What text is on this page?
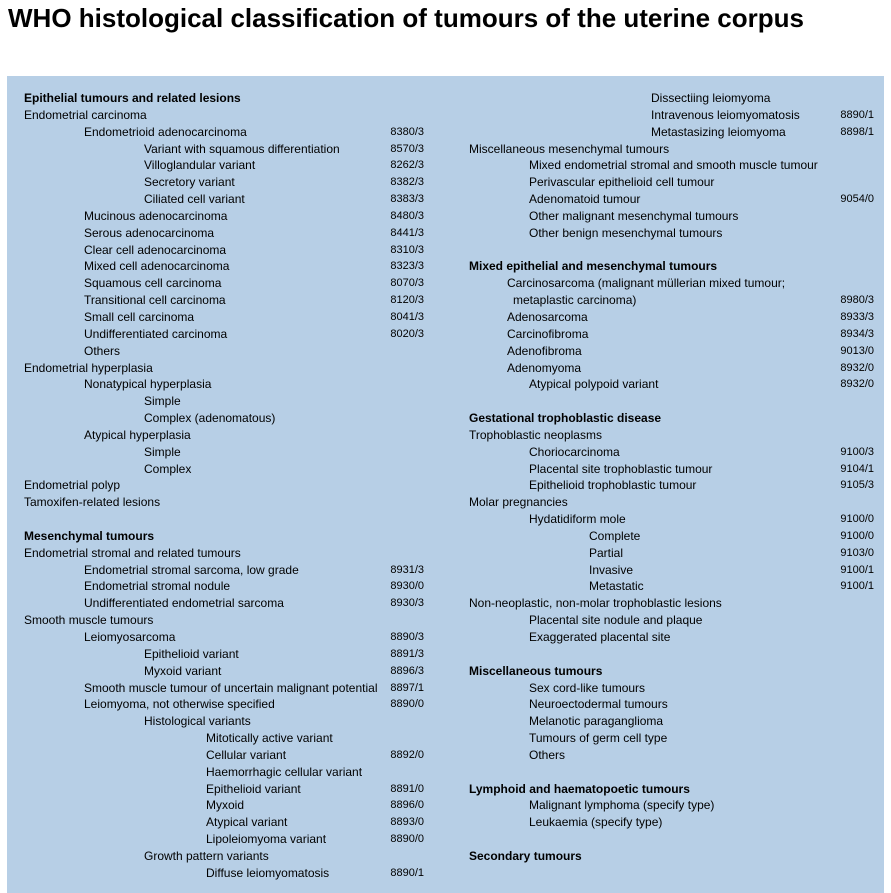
WHO histological classification of tumours of the uterine corpus
Epithelial tumours and related lesions
Endometrial carcinoma
Endometrioid adenocarcinoma	8380/3
Variant with squamous differentiation	8570/3
Villoglandular variant	8262/3
Secretory variant	8382/3
Ciliated cell variant	8383/3
Mucinous adenocarcinoma	8480/3
Serous adenocarcinoma	8441/3
Clear cell adenocarcinoma	8310/3
Mixed cell adenocarcinoma	8323/3
Squamous cell carcinoma	8070/3
Transitional cell carcinoma	8120/3
Small cell carcinoma	8041/3
Undifferentiated carcinoma	8020/3
Others
Endometrial hyperplasia
Nonatypical hyperplasia
Simple
Complex (adenomatous)
Atypical hyperplasia
Simple
Complex
Endometrial polyp
Tamoxifen-related lesions
Mesenchymal tumours
Endometrial stromal and related tumours
Endometrial stromal sarcoma, low grade	8931/3
Endometrial stromal nodule	8930/0
Undifferentiated endometrial sarcoma	8930/3
Smooth muscle tumours
Leiomyosarcoma	8890/3
Epithelioid variant	8891/3
Myxoid variant	8896/3
Smooth muscle tumour of uncertain malignant potential 8897/1
Leiomyoma, not otherwise specified	8890/0
Histological variants
Mitotically active variant
Cellular variant	8892/0
Haemorrhagic cellular variant
Epithelioid variant	8891/0
Myxoid	8896/0
Atypical variant	8893/0
Lipoleiomyoma variant	8890/0
Growth pattern variants
Diffuse leiomyomatosis	8890/1
Dissectiing leiomyoma
Intravenous leiomyomatosis	8890/1
Metastasizing leiomyoma	8898/1
Miscellaneous mesenchymal tumours
Mixed endometrial stromal and smooth muscle tumour
Perivascular epithelioid cell tumour
Adenomatoid tumour	9054/0
Other malignant mesenchymal tumours
Other benign mesenchymal tumours
Mixed epithelial and mesenchymal tumours
Carcinosarcoma (malignant müllerian mixed tumour;
metaplastic carcinoma)	8980/3
Adenosarcoma	8933/3
Carcinofibroma	8934/3
Adenofibroma	9013/0
Adenomyoma	8932/0
Atypical polypoid variant	8932/0
Gestational trophoblastic disease
Trophoblastic neoplasms
Choriocarcinoma	9100/3
Placental site trophoblastic tumour	9104/1
Epithelioid trophoblastic tumour	9105/3
Molar pregnancies
Hydatidiform mole	9100/0
Complete	9100/0
Partial	9103/0
Invasive	9100/1
Metastatic	9100/1
Non-neoplastic, non-molar trophoblastic lesions
Placental site nodule and plaque
Exaggerated placental site
Miscellaneous tumours
Sex cord-like tumours
Neuroectodermal tumours
Melanotic paraganglioma
Tumours of germ cell type
Others
Lymphoid and haematopoetic tumours
Malignant lymphoma (specify type)
Leukaemia (specify type)
Secondary tumours
